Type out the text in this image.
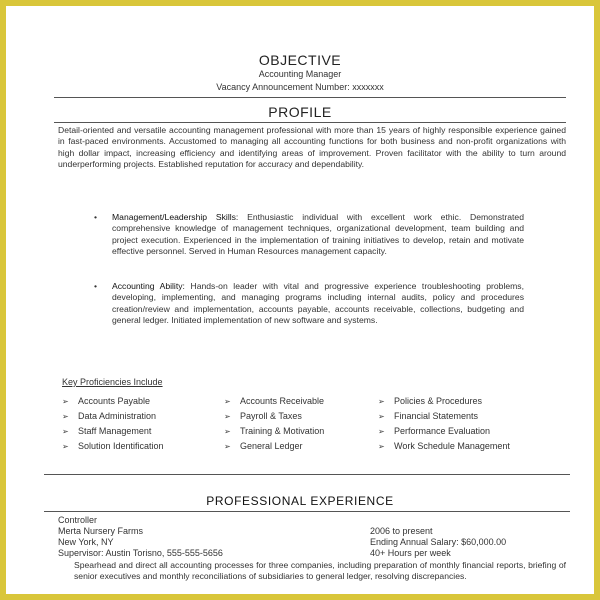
OBJECTIVE
Accounting Manager
Vacancy Announcement Number: xxxxxxx
PROFILE
Detail-oriented and versatile accounting management professional with more than 15 years of highly responsible experience gained in fast-paced environments. Accustomed to managing all accounting functions for both business and non-profit organizations with high dollar impact, increasing efficiency and identifying areas of improvement. Proven facilitator with the ability to turn around underperforming projects. Established reputation for accuracy and dependability.
• Management/Leadership Skills: Enthusiastic individual with excellent work ethic. Demonstrated comprehensive knowledge of management techniques, organizational development, team building and project execution. Experienced in the implementation of training initiatives to develop, retain and motivate effective personnel. Served in Human Resources management capacity.
• Accounting Ability: Hands-on leader with vital and progressive experience troubleshooting problems, developing, implementing, and managing programs including internal audits, policy and procedures creation/review and implementation, accounts payable, accounts receivable, collections, budgeting and general ledger. Initiated implementation of new software and systems.
Key Proficiencies Include
➢ Accounts Payable
➢ Data Administration
➢ Staff Management
➢ Solution Identification
➢ Accounts Receivable
➢ Payroll & Taxes
➢ Training & Motivation
➢ General Ledger
➢ Policies & Procedures
➢ Financial Statements
➢ Performance Evaluation
➢ Work Schedule Management
PROFESSIONAL EXPERIENCE
Controller
Merta Nursery Farms
New York, NY
Supervisor: Austin Torisno, 555-555-5656
2006 to present
Ending Annual Salary: $60,000.00
40+ Hours per week
Spearhead and direct all accounting processes for three companies, including preparation of monthly financial reports, briefing of senior executives and monthly reconciliations of subsidiaries to general ledger, resolving discrepancies.
